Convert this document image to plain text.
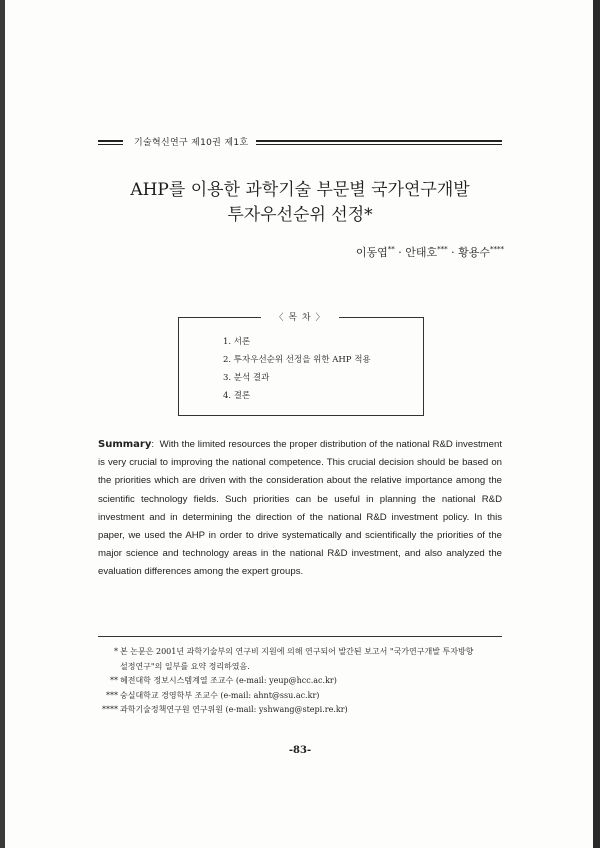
기술혁신연구 제10권 제1호
AHP를 이용한 과학기술 부문별 국가연구개발
투자우선순위 선정*
이동엽** · 안태호*** · 황용수****
1. 서론
2. 투자우선순위 선정을 위한 AHP 적용
3. 분석 결과
4. 결론
〈 목 차 〉
Summary:  With the limited resources the proper distribution of the national R&D investment is very crucial to improving the national competence. This crucial decision should be based on the priorities which are driven with the consideration about the relative importance among the scientific technology fields. Such priorities can be useful in planning the national R&D investment and in determining the direction of the national R&D investment policy. In this paper, we used the AHP in order to drive systematically and scientifically the priorities of the major science and technology areas in the national R&D investment, and also analyzed the evaluation differences among the expert groups.
* 본 논문은 2001년 과학기술부의 연구비 지원에 의해 연구되어 발간된 보고서 "국가연구개발 투자방향
설정연구"의 일부를 요약 정리하였음.
** 혜전대학 정보시스템계열 조교수 (e-mail: yeup@hcc.ac.kr)
*** 숭실대학교 경영학부 조교수 (e-mail: ahnt@ssu.ac.kr)
**** 과학기술정책연구원 연구위원 (e-mail: yshwang@stepi.re.kr)
-83-
